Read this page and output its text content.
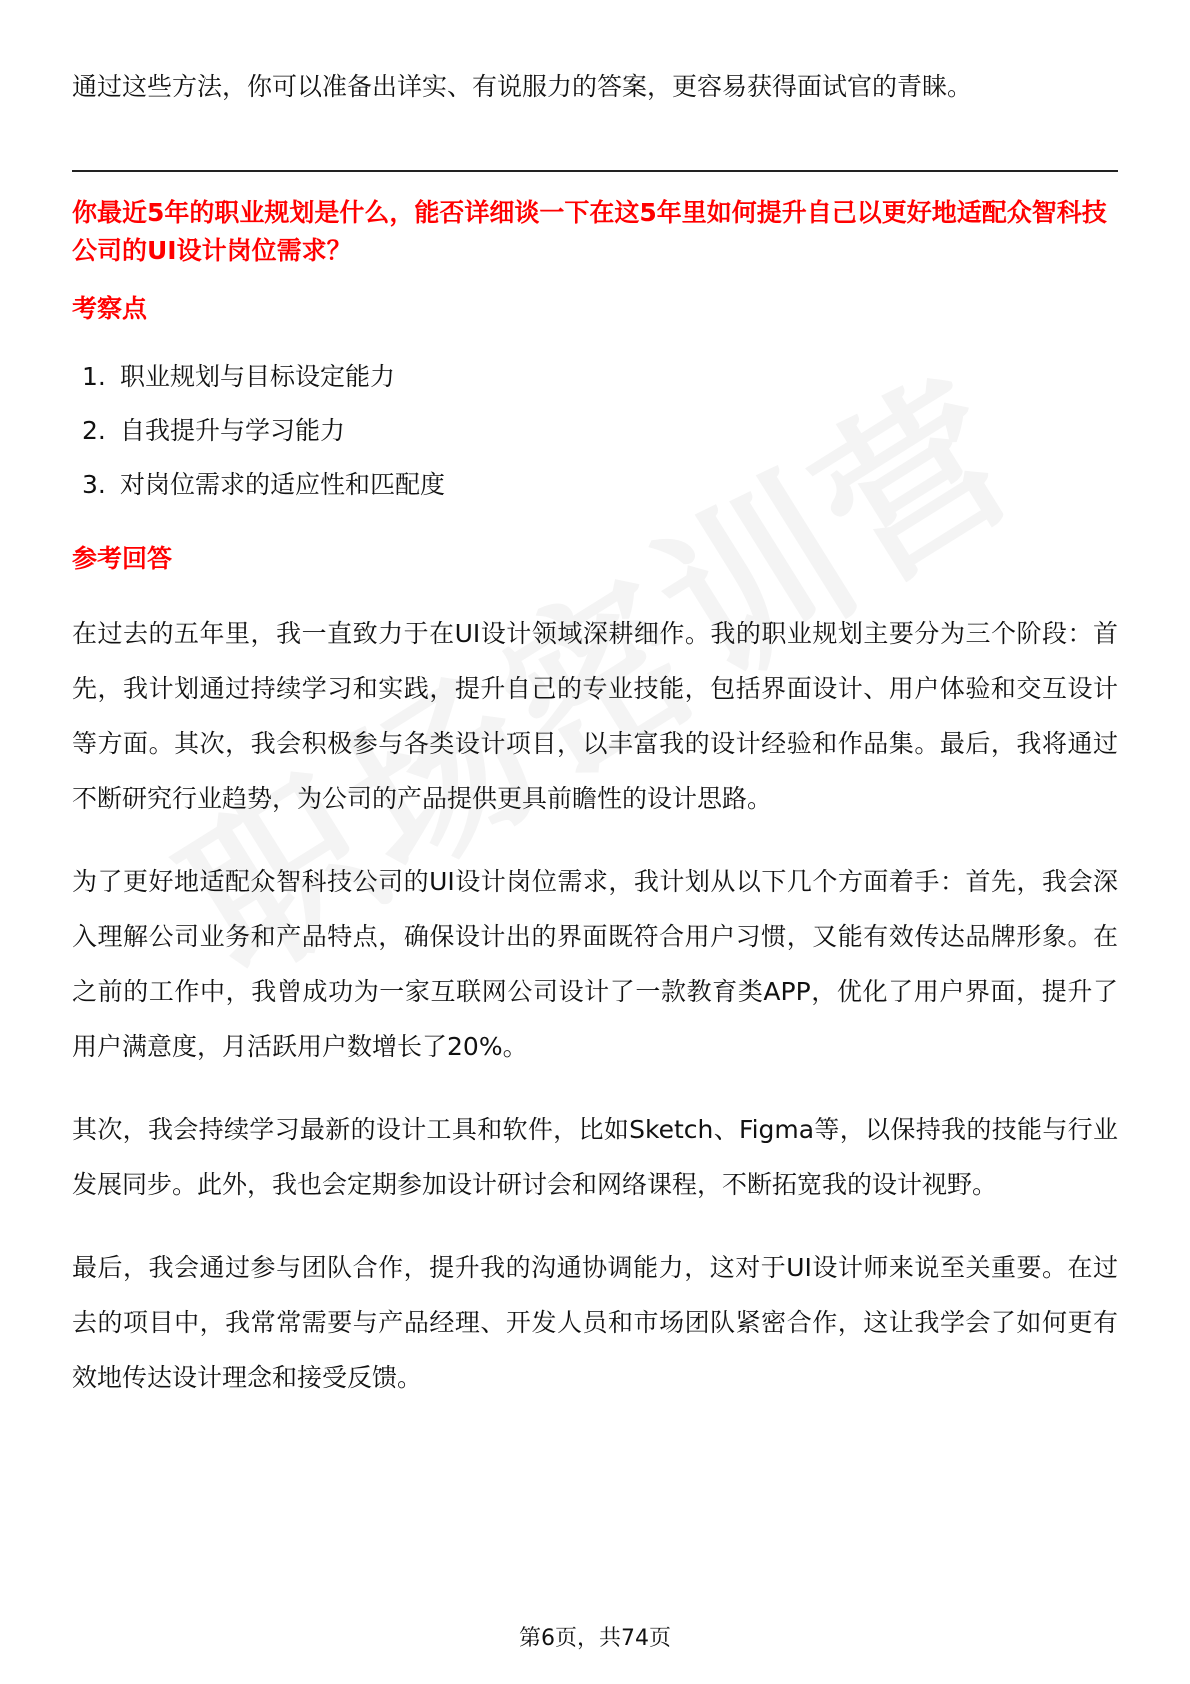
通过这些方法，你可以准备出详实、有说服力的答案，更容易获得面试官的青睐。

你最近5年的职业规划是什么，能否详细谈一下在这5年里如何提升自己以更好地适配众智科技公司的UI设计岗位需求？
考察点
1. 职业规划与目标设定能力
2. 自我提升与学习能力
3. 对岗位需求的适应性和匹配度
参考回答

在过去的五年里，我一直致力于在UI设计领域深耕细作。我的职业规划主要分为三个阶段：首先，我计划通过持续学习和实践，提升自己的专业技能，包括界面设计、用户体验和交互设计等方面。其次，我会积极参与各类设计项目，以丰富我的设计经验和作品集。最后，我将通过不断研究行业趋势，为公司的产品提供更具前瞻性的设计思路。

为了更好地适配众智科技公司的UI设计岗位需求，我计划从以下几个方面着手：首先，我会深入理解公司业务和产品特点，确保设计出的界面既符合用户习惯，又能有效传达品牌形象。在之前的工作中，我曾成功为一家互联网公司设计了一款教育类APP，优化了用户界面，提升了用户满意度，月活跃用户数增长了20%。

其次，我会持续学习最新的设计工具和软件，比如Sketch、Figma等，以保持我的技能与行业发展同步。此外，我也会定期参加设计研讨会和网络课程，不断拓宽我的设计视野。

最后，我会通过参与团队合作，提升我的沟通协调能力，这对于UI设计师来说至关重要。在过去的项目中，我常常需要与产品经理、开发人员和市场团队紧密合作，这让我学会了如何更有效地传达设计理念和接受反馈。

第6页，共74页
